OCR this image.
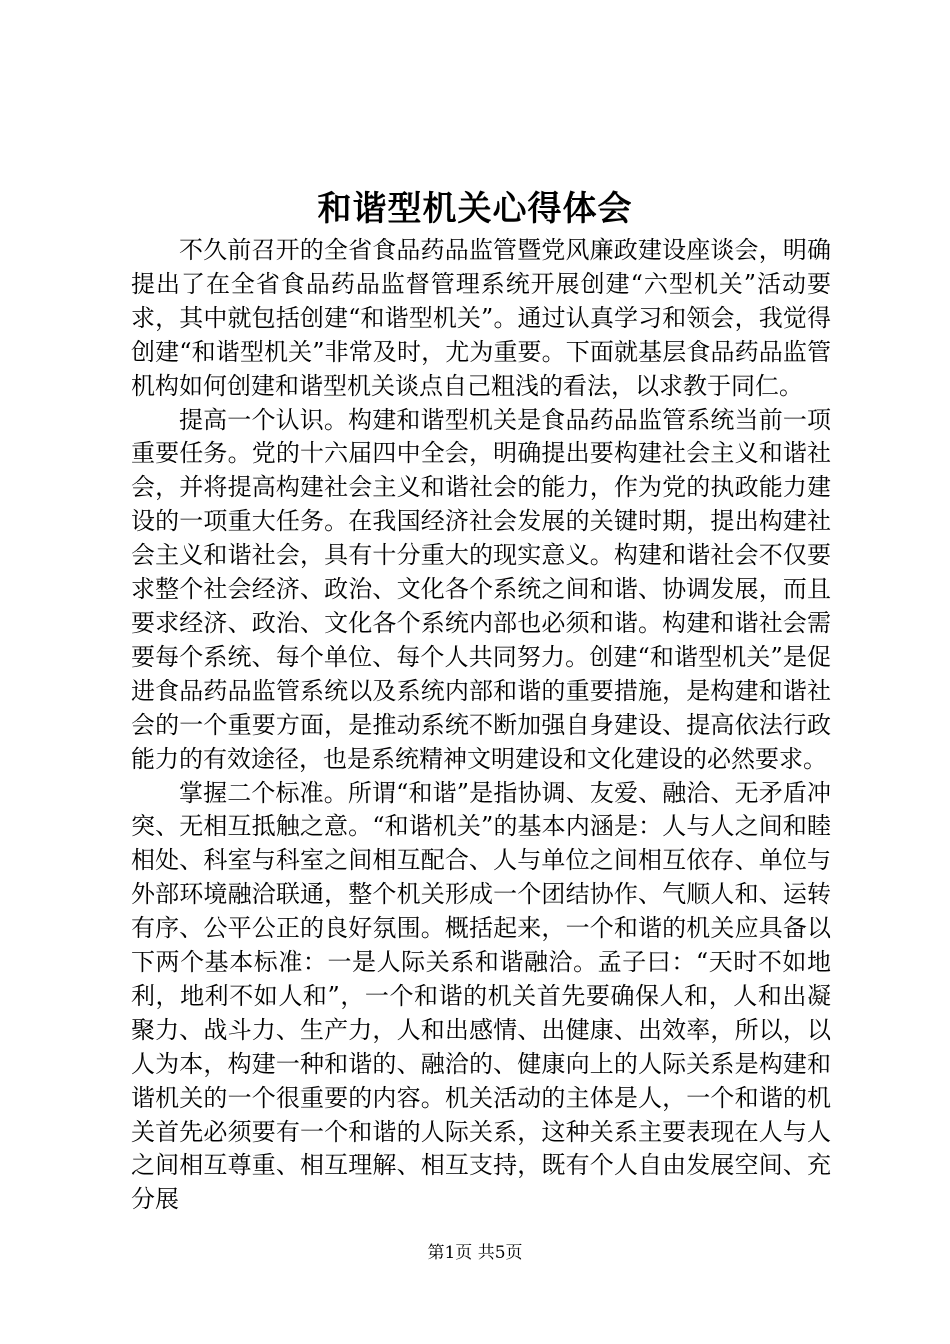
和谐型机关心得体会

不久前召开的全省食品药品监管暨党风廉政建设座谈会，明确提出了在全省食品药品监督管理系统开展创建“六型机关”活动要求，其中就包括创建“和谐型机关”。通过认真学习和领会，我觉得创建“和谐型机关”非常及时，尤为重要。下面就基层食品药品监管机构如何创建和谐型机关谈点自己粗浅的看法，以求教于同仁。

提高一个认识。构建和谐型机关是食品药品监管系统当前一项重要任务。党的十六届四中全会，明确提出要构建社会主义和谐社会，并将提高构建社会主义和谐社会的能力，作为党的执政能力建设的一项重大任务。在我国经济社会发展的关键时期，提出构建社会主义和谐社会，具有十分重大的现实意义。构建和谐社会不仅要求整个社会经济、政治、文化各个系统之间和谐、协调发展，而且要求经济、政治、文化各个系统内部也必须和谐。构建和谐社会需要每个系统、每个单位、每个人共同努力。创建“和谐型机关”是促进食品药品监管系统以及系统内部和谐的重要措施，是构建和谐社会的一个重要方面，是推动系统不断加强自身建设、提高依法行政能力的有效途径，也是系统精神文明建设和文化建设的必然要求。

掌握二个标准。所谓“和谐”是指协调、友爱、融洽、无矛盾冲突、无相互抵触之意。“和谐机关”的基本内涵是：人与人之间和睦相处、科室与科室之间相互配合、人与单位之间相互依存、单位与外部环境融洽联通，整个机关形成一个团结协作、气顺人和、运转有序、公平公正的良好氛围。概括起来，一个和谐的机关应具备以下两个基本标准：一是人际关系和谐融洽。孟子曰：“天时不如地利，地利不如人和”，一个和谐的机关首先要确保人和，人和出凝聚力、战斗力、生产力，人和出感情、出健康、出效率，所以，以人为本，构建一种和谐的、融洽的、健康向上的人际关系是构建和谐机关的一个很重要的内容。机关活动的主体是人，一个和谐的机关首先必须要有一个和谐的人际关系，这种关系主要表现在人与人之间相互尊重、相互理解、相互支持，既有个人自由发展空间、充分展

第1页 共5页
